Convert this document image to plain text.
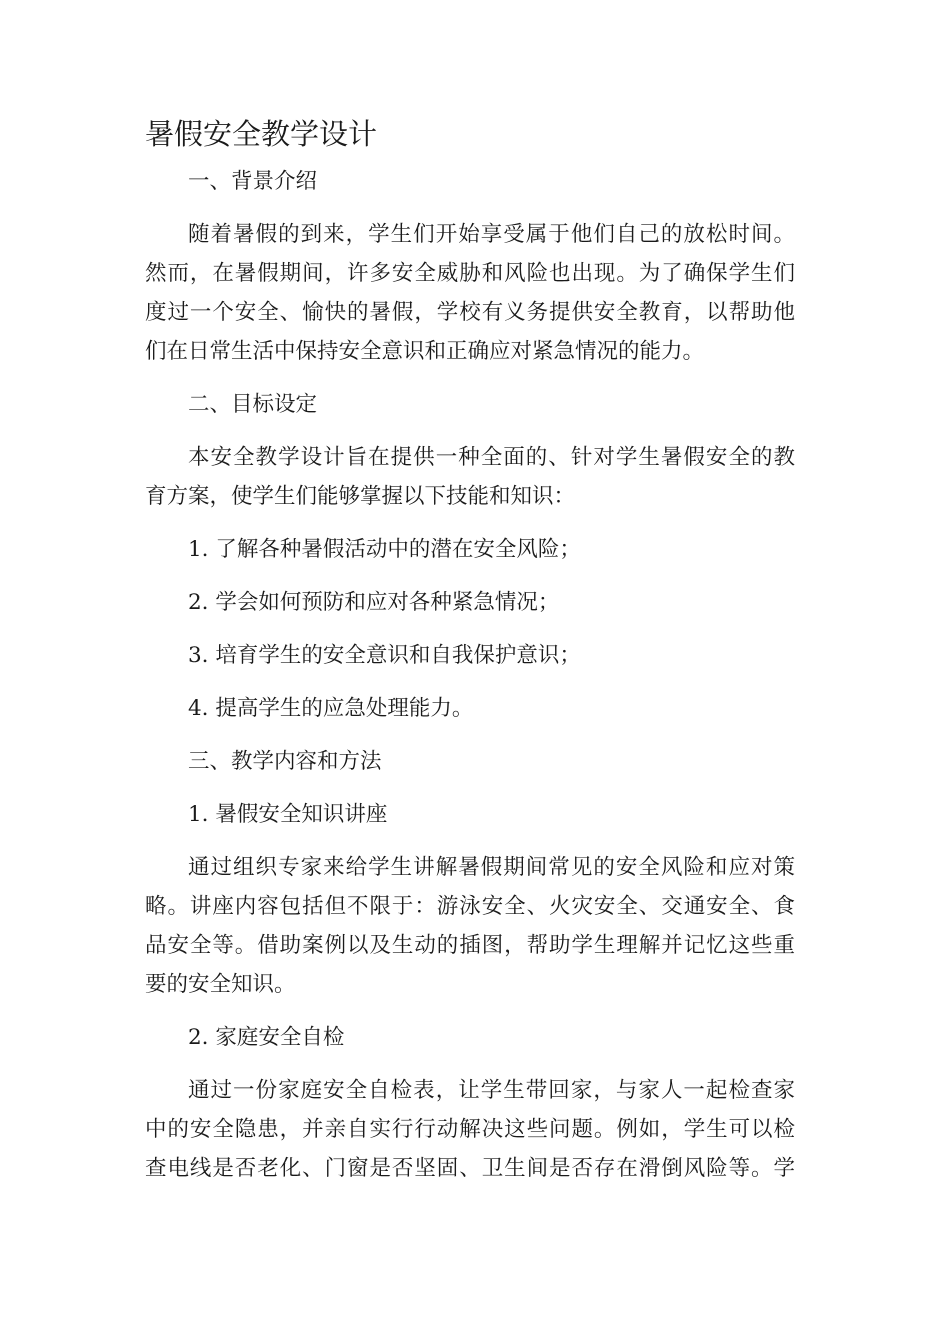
暑假安全教学设计
一、背景介绍
随着暑假的到来，学生们开始享受属于他们自己的放松时间。
然而，在暑假期间，许多安全威胁和风险也出现。为了确保学生们
度过一个安全、愉快的暑假，学校有义务提供安全教育，以帮助他
们在日常生活中保持安全意识和正确应对紧急情况的能力。
二、目标设定
本安全教学设计旨在提供一种全面的、针对学生暑假安全的教
育方案，使学生们能够掌握以下技能和知识：
1. 了解各种暑假活动中的潜在安全风险；
2. 学会如何预防和应对各种紧急情况；
3. 培育学生的安全意识和自我保护意识；
4. 提高学生的应急处理能力。
三、教学内容和方法
1. 暑假安全知识讲座
通过组织专家来给学生讲解暑假期间常见的安全风险和应对策
略。讲座内容包括但不限于：游泳安全、火灾安全、交通安全、食
品安全等。借助案例以及生动的插图，帮助学生理解并记忆这些重
要的安全知识。
2. 家庭安全自检
通过一份家庭安全自检表，让学生带回家，与家人一起检查家
中的安全隐患，并亲自实行行动解决这些问题。例如，学生可以检
查电线是否老化、门窗是否坚固、卫生间是否存在滑倒风险等。学
